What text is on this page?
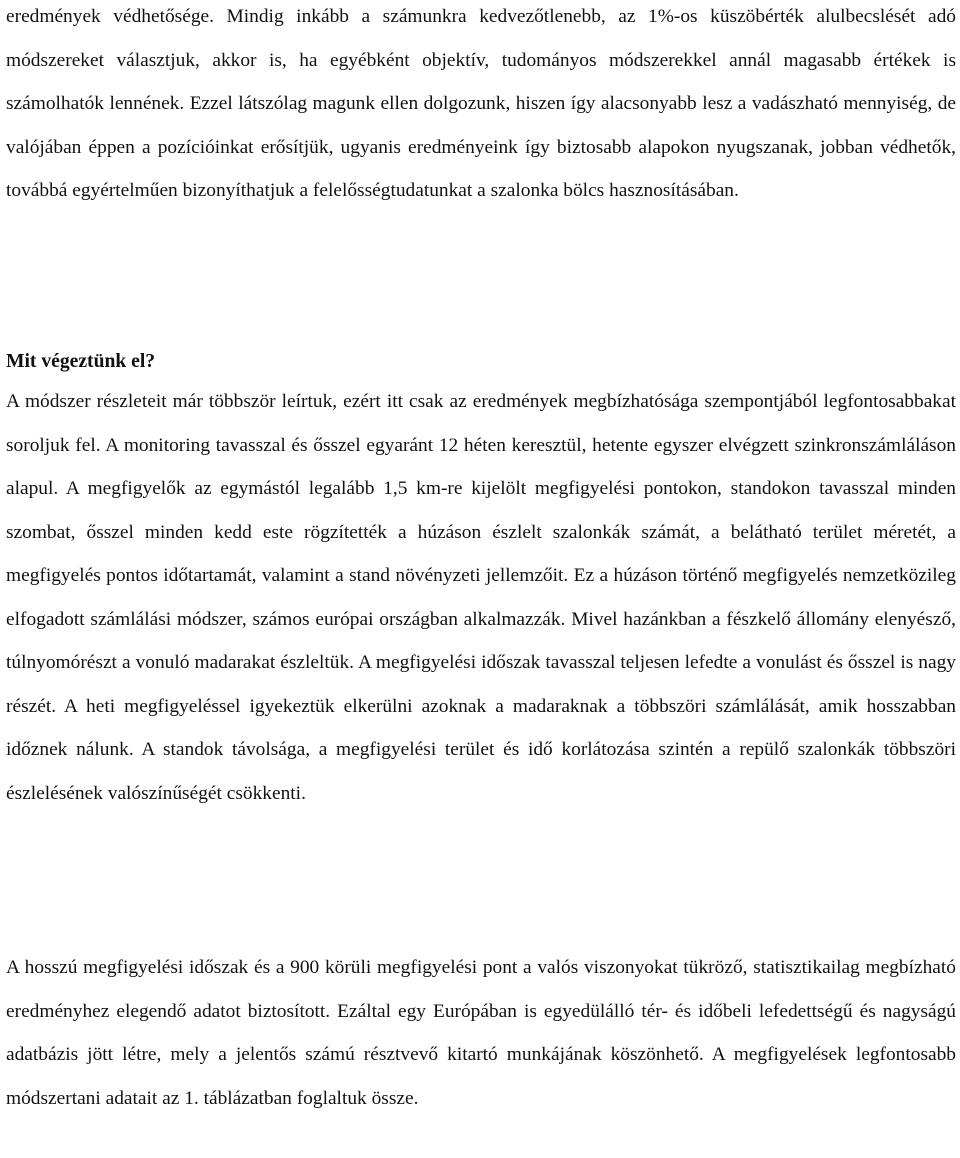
eredmények védhetősége. Mindig inkább a számunkra kedvezőtlenebb, az 1%-os küszöbérték alulbecslését adó módszereket választjuk, akkor is, ha egyébként objektív, tudományos módszerekkel annál magasabb értékek is számolhatók lennének. Ezzel látszólag magunk ellen dolgozunk, hiszen így alacsonyabb lesz a vadászható mennyiség, de valójában éppen a pozícióinkat erősítjük, ugyanis eredményeink így biztosabb alapokon nyugszanak, jobban védhetők, továbbá egyértelműen bizonyíthatjuk a felelősségtudatunkat a szalonka bölcs hasznosításában.

Mit végeztünk el?

A módszer részleteit már többször leírtuk, ezért itt csak az eredmények megbízhatósága szempontjából legfontosabbakat soroljuk fel. A monitoring tavasszal és ősszel egyaránt 12 héten keresztül, hetente egyszer elvégzett szinkronszámláláson alapul. A megfigyelők az egymástól legalább 1,5 km-re kijelölt megfigyelési pontokon, standokon tavasszal minden szombat, ősszel minden kedd este rögzítették a húzáson észlelt szalonkák számát, a belátható terület méretét, a megfigyelés pontos időtartamát, valamint a stand növényzeti jellemzőit. Ez a húzáson történő megfigyelés nemzetközileg elfogadott számlálási módszer, számos európai országban alkalmazzák. Mivel hazánkban a fészkelő állomány elenyésző, túlnyomórészt a vonuló madarakat észleltük. A megfigyelési időszak tavasszal teljesen lefedte a vonulást és ősszel is nagy részét. A heti megfigyeléssel igyekeztük elkerülni azoknak a madaraknak a többszöri számlálását, amik hosszabban időznek nálunk. A standok távolsága, a megfigyelési terület és idő korlátozása szintén a repülő szalonkák többszöri észlelésének valószínűségét csökkenti.

A hosszú megfigyelési időszak és a 900 körüli megfigyelési pont a valós viszonyokat tükröző, statisztikailag megbízható eredményhez elegendő adatot biztosított. Ezáltal egy Európában is egyedülálló tér- és időbeli lefedettségű és nagyságú adatbázis jött létre, mely a jelentős számú résztvevő kitartó munkájának köszönhető. A megfigyelések legfontosabb módszertani adatait az 1. táblázatban foglaltuk össze.
